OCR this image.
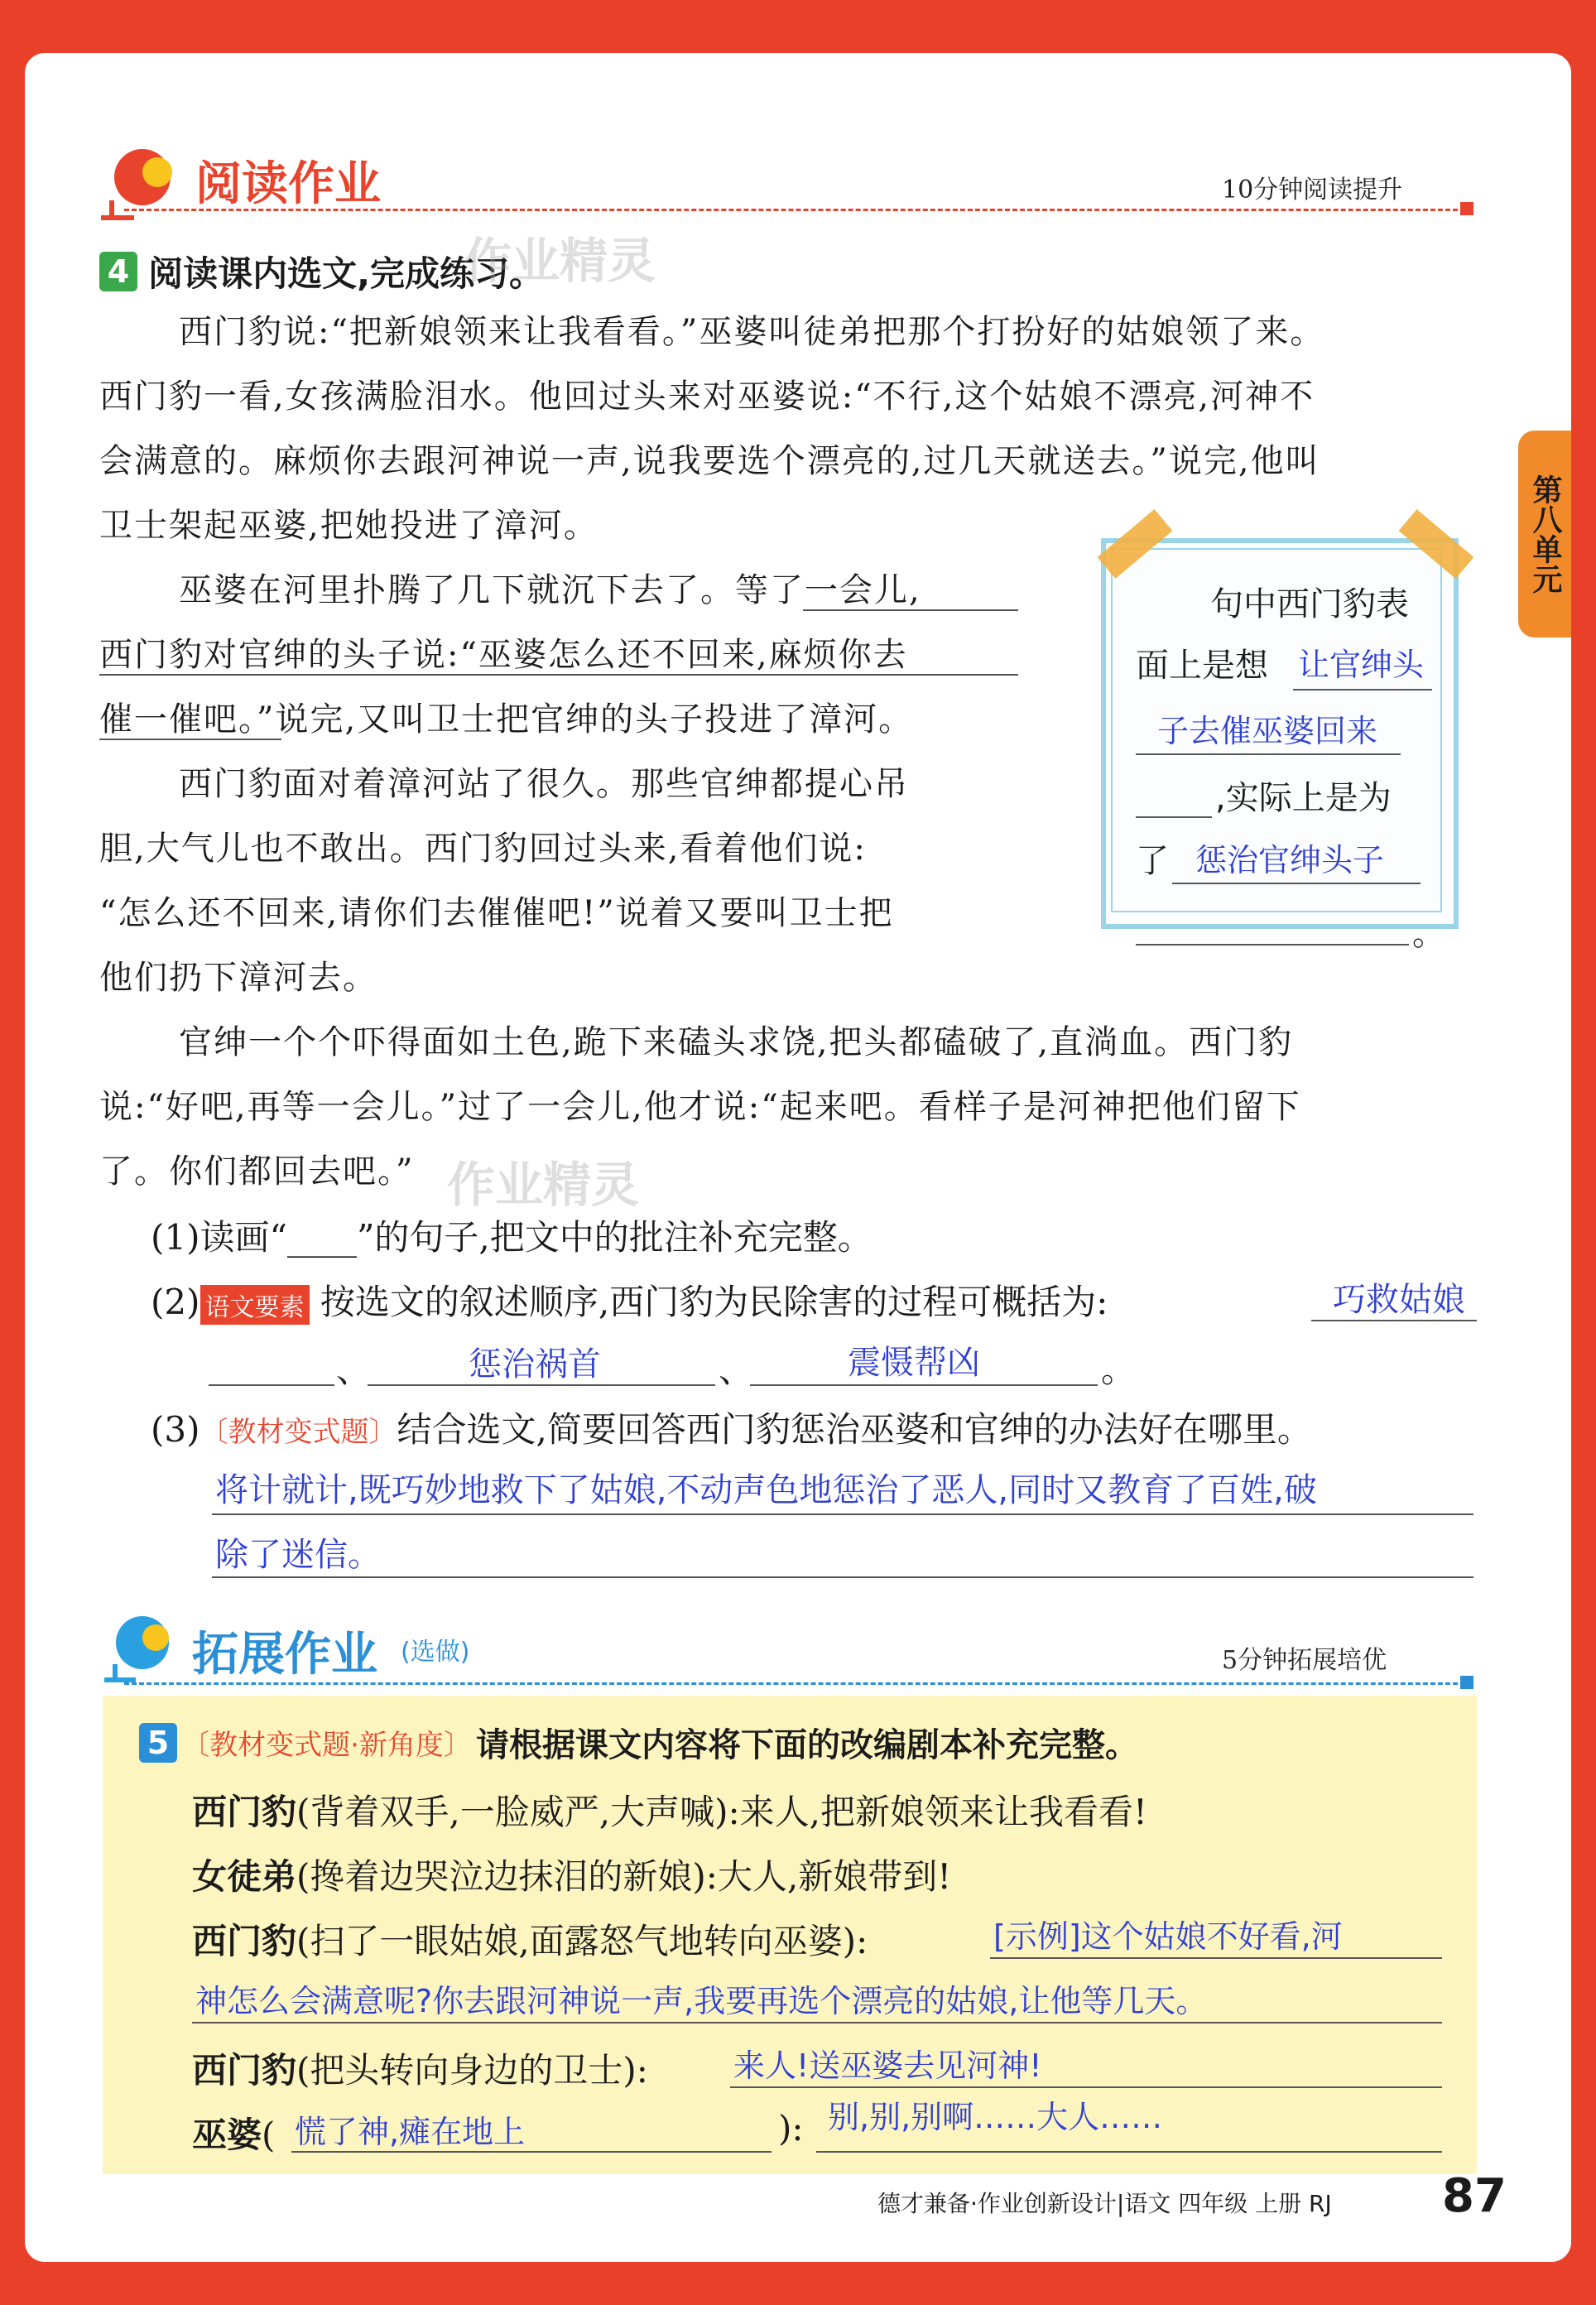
阅读作业	10分钟阅读提升
4 阅读课内选文,完成练习。
作业精灵
西门豹说:“把新娘领来让我看看。”巫婆叫徒弟把那个打扮好的姑娘领了来。
西门豹一看,女孩满脸泪水。他回过头来对巫婆说:“不行,这个姑娘不漂亮,河神不
会满意的。麻烦你去跟河神说一声,说我要选个漂亮的,过几天就送去。”说完,他叫
卫士架起巫婆,把她投进了漳河。
巫婆在河里扑腾了几下就沉下去了。等了一会儿,
西门豹对官绅的头子说:“巫婆怎么还不回来,麻烦你去
催一催吧。”说完,又叫卫士把官绅的头子投进了漳河。
西门豹面对着漳河站了很久。那些官绅都提心吊
胆,大气儿也不敢出。西门豹回过头来,看着他们说:
“怎么还不回来,请你们去催催吧!”说着又要叫卫士把
他们扔下漳河去。
官绅一个个吓得面如土色,跪下来磕头求饶,把头都磕破了,直淌血。西门豹
说:“好吧,再等一会儿。”过了一会儿,他才说:“起来吧。看样子是河神把他们留下
了。你们都回去吧。” 作业精灵
第八单元
句中西门豹表
面上是想 让官绅头
子去催巫婆回来
,实际上是为
了 惩治官绅头子
。
(1)读画“____”的句子,把文中的批注补充完整。
(2) 语文要素 按选文的叙述顺序,西门豹为民除害的过程可概括为:	巧救姑娘
、	惩治祸首	、	震慑帮凶	。
(3)〔教材变式题〕结合选文,简要回答西门豹惩治巫婆和官绅的办法好在哪里。
将计就计,既巧妙地救下了姑娘,不动声色地惩治了恶人,同时又教育了百姓,破
除了迷信。
拓展作业 (选做)	5分钟拓展培优
5 〔教材变式题·新角度〕 请根据课文内容将下面的改编剧本补充完整。
西门豹(背着双手,一脸威严,大声喊):来人,把新娘领来让我看看!
女徒弟(搀着边哭泣边抹泪的新娘):大人,新娘带到!
西门豹(扫了一眼姑娘,面露怒气地转向巫婆):	[示例]这个姑娘不好看,河
神怎么会满意呢?你去跟河神说一声,我要再选个漂亮的姑娘,让他等几天。
西门豹(把头转向身边的卫士):	来人!送巫婆去见河神!
巫婆( 慌了神,瘫在地上	): 别,别,别啊……大人……
德才兼备·作业创新设计|语文 四年级 上册 RJ 87
